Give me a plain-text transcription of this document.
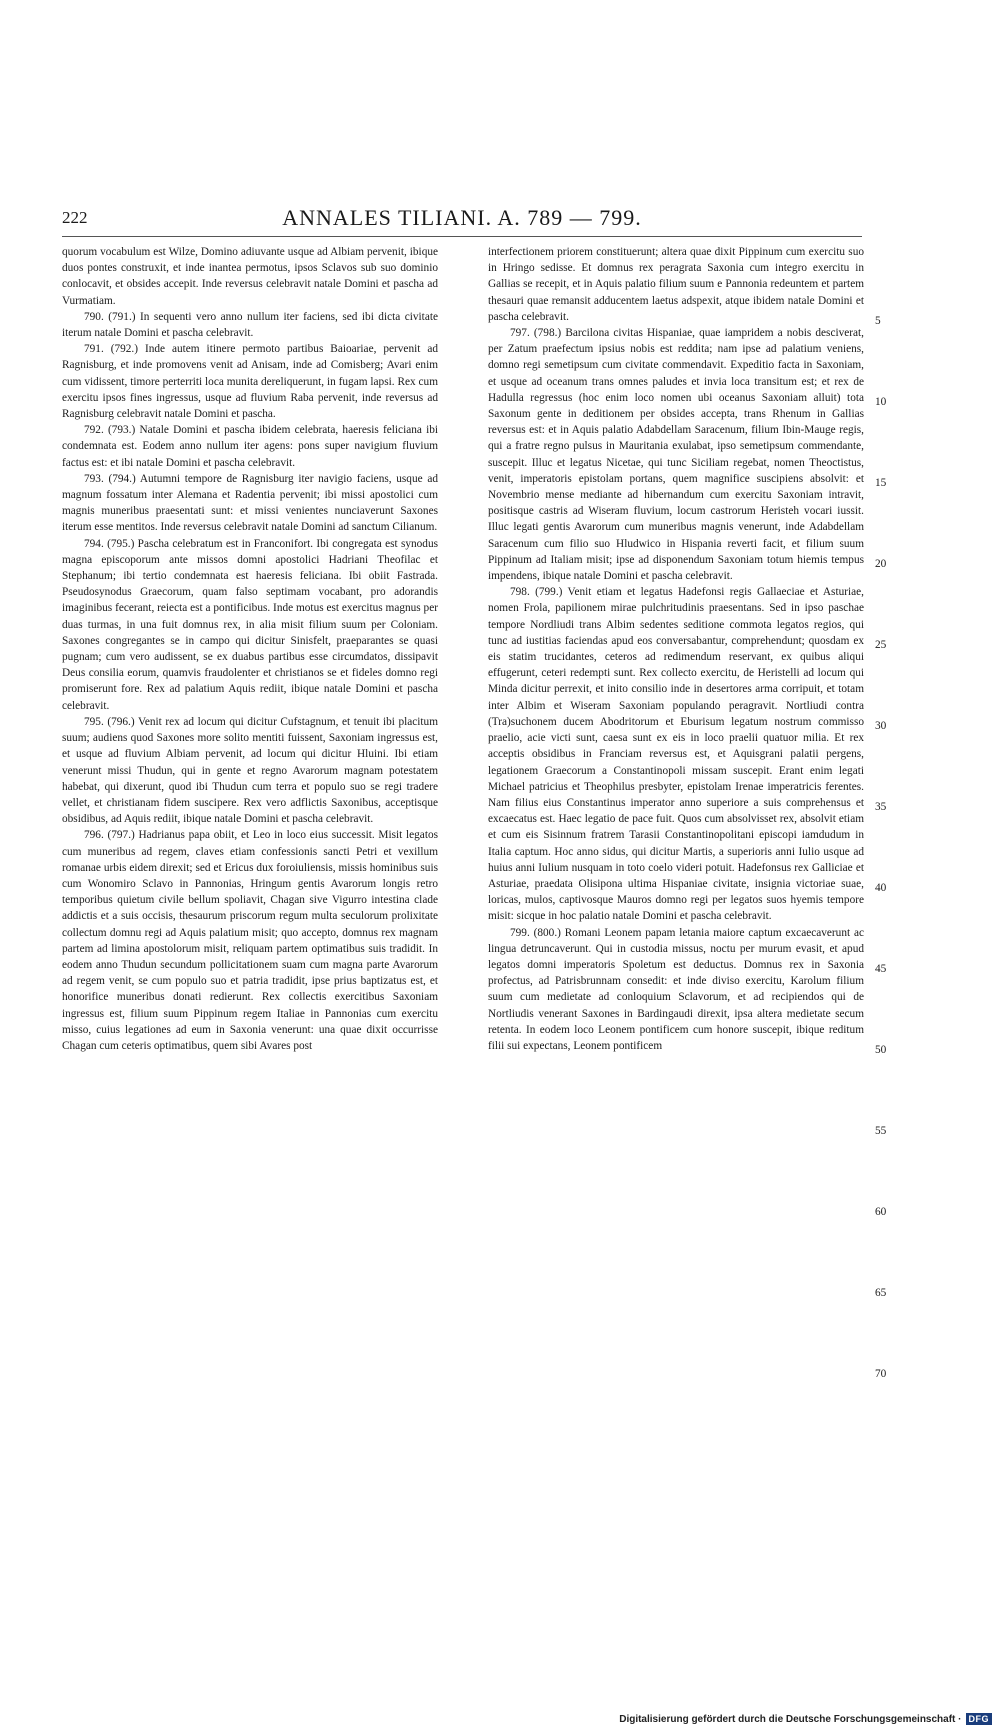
222	ANNALES TILIANI. A. 789 — 799.

quorum vocabulum est Wilze, Domino adiuvante usque ad Albiam pervenit, ibique duos pontes construxit, et inde inantea permotus, ipsos Sclavos sub suo dominio conlocavit, et obsides accepit. Inde reversus celebravit natale Domini et pascha ad Vurmatiam.

790. (791.) In sequenti vero anno nullum iter faciens, sed ibi dicta civitate iterum natale Domini et pascha celebravit.

791. (792.) Inde autem itinere permoto partibus Baioariae, pervenit ad Ragnisburg, et inde promovens venit ad Anisam, inde ad Comisberg; Avari enim cum vidissent, timore perterriti loca munita dereliquerunt, in fugam lapsi. Rex cum exercitu ipsos fines ingressus, usque ad fluvium Raba pervenit, inde reversus ad Ragnisburg celebravit natale Domini et pascha.

792. (793.) Natale Domini et pascha ibidem celebrata, haeresis feliciana ibi condemnata est. Eodem anno nullum iter agens: pons super navigium fluvium factus est: et ibi natale Domini et pascha celebravit.

793. (794.) Autumni tempore de Ragnisburg iter navigio faciens, usque ad magnum fossatum inter Alemana et Radentia pervenit; ibi missi apostolici cum magnis muneribus praesentati sunt: et missi venientes nunciaverunt Saxones iterum esse mentitos. Inde reversus celebravit natale Domini ad sanctum Cilianum.

794. (795.) Pascha celebratum est in Franconifort. Ibi congregata est synodus magna episcoporum ante missos domni apostolici Hadriani Theofilac et Stephanum; ibi tertio condemnata est haeresis feliciana. Ibi obiit Fastrada. Pseudosynodus Graecorum, quam falso septimam vocabant, pro adorandis imaginibus fecerant, reiecta est a pontificibus. Inde motus est exercitus magnus per duas turmas, in una fuit domnus rex, in alia misit filium suum per Coloniam. Saxones congregantes se in campo qui dicitur Sinisfelt, praeparantes se quasi pugnam; cum vero audissent, se ex duabus partibus esse circumdatos, dissipavit Deus consilia eorum, quamvis fraudolenter et christianos se et fideles domno regi promiserunt fore. Rex ad palatium Aquis rediit, ibique natale Domini et pascha celebravit.

795. (796.) Venit rex ad locum qui dicitur Cufstagnum, et tenuit ibi placitum suum; audiens quod Saxones more solito mentiti fuissent, Saxoniam ingressus est, et usque ad fluvium Albiam pervenit, ad locum qui dicitur Hluini. Ibi etiam venerunt missi Thudun, qui in gente et regno Avarorum magnam potestatem habebat, qui dixerunt, quod ibi Thudun cum terra et populo suo se regi tradere vellet, et christianam fidem suscipere. Rex vero adflictis Saxonibus, acceptisque obsidibus, ad Aquis rediit, ibique natale Domini et pascha celebravit.

796. (797.) Hadrianus papa obiit, et Leo in loco eius successit. Misit legatos cum muneribus ad regem, claves etiam confessionis sancti Petri et vexillum romanae urbis eidem direxit; sed et Ericus dux foroiuliensis, missis hominibus suis cum Wonomiro Sclavo in Pannonias, Hringum gentis Avarorum longis retro temporibus quietum civile bellum spoliavit, Chagan sive Vigurro intestina clade addictis et a suis occisis, thesaurum priscorum regum multa seculorum prolixitate collectum domnu regi ad Aquis palatium misit; quo accepto, domnus rex magnam partem ad limina apostolorum misit, reliquam partem optimatibus suis tradidit. In eodem anno Thudun secundum pollicitationem suam cum magna parte Avarorum ad regem venit, se cum populo suo et patria tradidit, ipse prius baptizatus est, et honorifice muneribus donati redierunt. Rex collectis exercitibus Saxoniam ingressus est, filium suum Pippinum regem Italiae in Pannonias cum exercitu misso, cuius legationes ad eum in Saxonia venerunt: una quae dixit occurrisse Chagan cum ceteris optimatibus, quem sibi Avares post

interfectionem priorem constituerunt; altera quae dixit Pippinum cum exercitu suo in Hringo sedisse. Et domnus rex peragrata Saxonia cum integro exercitu in Gallias se recepit, et in Aquis palatio filium suum e Pannonia redeuntem et partem thesauri quae remansit adducentem laetus adspexit, atque ibidem natale Domini et pascha celebravit.

797. (798.) Barcilona civitas Hispaniae, quae iampridem a nobis desciverat, per Zatum praefectum ipsius nobis est reddita; nam ipse ad palatium veniens, domno regi semetipsum cum civitate commendavit. Expeditio facta in Saxoniam, et usque ad oceanum trans omnes paludes et invia loca transitum est; et rex de Hadulla regressus (hoc enim loco nomen ubi oceanus Saxoniam alluit) tota Saxonum gente in deditionem per obsides accepta, trans Rhenum in Gallias reversus est: et in Aquis palatio Adabdellam Saracenum, filium Ibin-Mauge regis, qui a fratre regno pulsus in Mauritania exulabat, ipso semetipsum commendante, suscepit. Illuc et legatus Nicetae, qui tunc Siciliam regebat, nomen Theoctistus, venit, imperatoris epistolam portans, quem magnifice suscipiens absolvit: et Novembrio mense mediante ad hibernandum cum exercitu Saxoniam intravit, positisque castris ad Wiseram fluvium, locum castrorum Heristeh vocari iussit. Illuc legati gentis Avarorum cum muneribus magnis venerunt, inde Adabdellam Saracenum cum filio suo Hludwico in Hispania reverti facit, et filium suum Pippinum ad Italiam misit; ipse ad disponendum Saxoniam totum hiemis tempus impendens, ibique natale Domini et pascha celebravit.

798. (799.) Venit etiam et legatus Hadefonsi regis Gallaeciae et Asturiae, nomen Frola, papilionem mirae pulchritudinis praesentans. Sed in ipso paschae tempore Nordliudi trans Albim sedentes seditione commota legatos regios, qui tunc ad iustitias faciendas apud eos conversabantur, comprehendunt; quosdam ex eis statim trucidantes, ceteros ad redimendum reservant, ex quibus aliqui effugerunt, ceteri redempti sunt. Rex collecto exercitu, de Heristelli ad locum qui Minda dicitur perrexit, et inito consilio inde in desertores arma corripuit, et totam inter Albim et Wiseram Saxoniam populando peragravit. Nortliudi contra (Tra)suchonem ducem Abodritorum et Eburisum legatum nostrum commisso praelio, acie victi sunt, caesa sunt ex eis in loco praelii quatuor milia. Et rex acceptis obsidibus in Franciam reversus est, et Aquisgrani palatii pergens, legationem Graecorum a Constantinopoli missam suscepit. Erant enim legati Michael patricius et Theophilus presbyter, epistolam Irenae imperatricis ferentes. Nam filius eius Constantinus imperator anno superiore a suis comprehensus et excaecatus est. Haec legatio de pace fuit. Quos cum absolvisset rex, absolvit etiam et cum eis Sisinnum fratrem Tarasii Constantinopolitani episcopi iamdudum in Italia captum. Hoc anno sidus, qui dicitur Martis, a superioris anni Iulio usque ad huius anni Iulium nusquam in toto coelo videri potuit. Hadefonsus rex Galliciae et Asturiae, praedata Olisipona ultima Hispaniae civitate, insignia victoriae suae, loricas, mulos, captivosque Mauros domno regi per legatos suos hyemis tempore misit: sicque in hoc palatio natale Domini et pascha celebravit.

799. (800.) Romani Leonem papam letania maiore captum excaecaverunt ac lingua detruncaverunt. Qui in custodia missus, noctu per murum evasit, et apud legatos domni imperatoris Spoletum est deductus. Domnus rex in Saxonia profectus, ad Patrisbrunnam consedit: et inde diviso exercitu, Karolum filium suum cum medietate ad conloquium Sclavorum, et ad recipiendos qui de Nortliudis venerant Saxones in Bardingaudi direxit, ipsa altera medietate secum retenta. In eodem loco Leonem pontificem cum honore suscepit, ibique reditum filii sui expectans, Leonem pontificem

5
10
15
20
25
30
35
40
45
50
55
60
65
70
Digitalisierung gefördert durch die Deutsche Forschungsgemeinschaft · DFG
